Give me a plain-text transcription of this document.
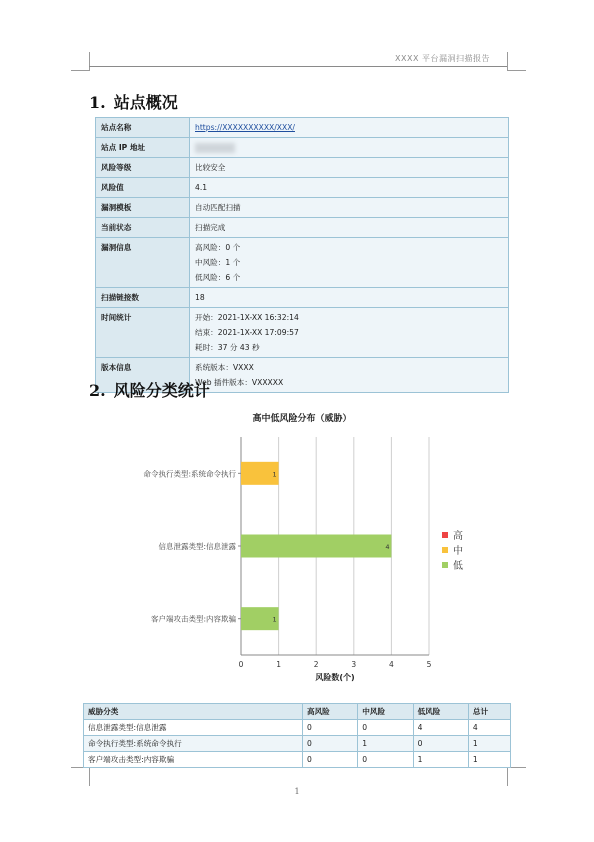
XXXX 平台漏洞扫描报告
1. 站点概况
站点名称	https://XXXXXXXXXX/XXX/
站点 IP 地址	
风险等级	比较安全

风险值	4.1

漏洞模板	自动匹配扫描

当前状态	扫描完成

漏洞信息	高风险：0 个
中风险：1 个
低风险：6 个

扫描链接数	18

时间统计	开始：2021-1X-XX 16:32:14
结束：2021-1X-XX 17:09:57
耗时：37 分 43 秒

版本信息	系统版本：VXXX
Web 插件版本：VXXXXX
2. 风险分类统计
高中低风险分布（威胁）
0	1	2	3	4	5
风险数(个)
命令执行类型:系统命令执行	1
信息泄露类型:信息泄露	4
客户端攻击类型:内容欺骗	1
高
中
低
威胁分类	高风险	中风险	低风险	总计
信息泄露类型:信息泄露	0	0	4	4
命令执行类型:系统命令执行	0	1	0	1
客户端攻击类型:内容欺骗	0	0	1	1
1
